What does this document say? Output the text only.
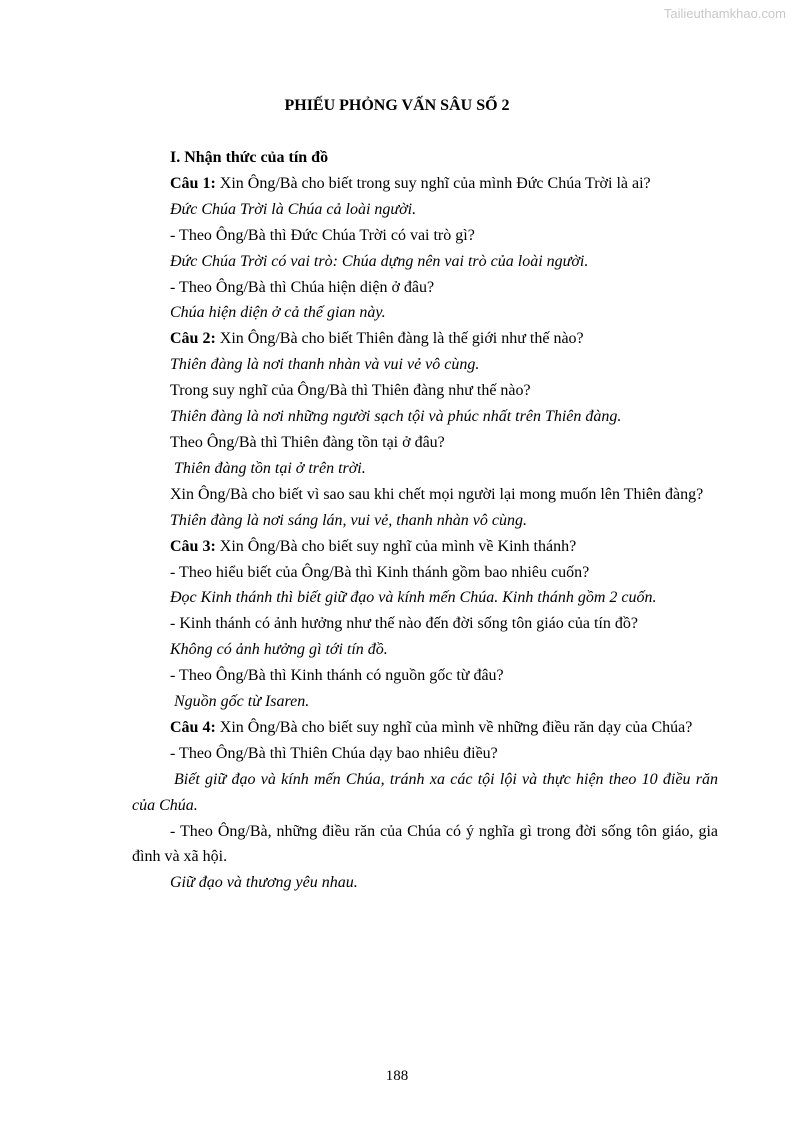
Tailieuthamkhao.com
PHIẾU PHỎNG VẤN SÂU SỐ 2

I. Nhận thức của tín đồ

Câu 1: Xin Ông/Bà cho biết trong suy nghĩ của mình Đức Chúa Trời là ai?

Đức Chúa Trời là Chúa cả loài người.

- Theo Ông/Bà thì Đức Chúa Trời có vai trò gì?

Đức Chúa Trời có vai trò: Chúa dựng nên vai trò của loài người.

- Theo Ông/Bà thì Chúa hiện diện ở đâu?

Chúa hiện diện ở cả thế gian này.

Câu 2: Xin Ông/Bà cho biết Thiên đàng là thế giới như thế nào?

Thiên đàng là nơi thanh nhàn và vui vẻ vô cùng.

Trong suy nghĩ của Ông/Bà thì Thiên đàng như thế nào?

Thiên đàng là nơi những người sạch tội và phúc nhất trên Thiên đàng.

Theo Ông/Bà thì Thiên đàng tồn tại ở đâu?

Thiên đàng tồn tại ở trên trời.

Xin Ông/Bà cho biết vì sao sau khi chết mọi người lại mong muốn lên Thiên đàng?

Thiên đàng là nơi sáng lán, vui vẻ, thanh nhàn vô cùng.

Câu 3: Xin Ông/Bà cho biết suy nghĩ của mình về Kinh thánh?

- Theo hiểu biết của Ông/Bà thì Kinh thánh gồm bao nhiêu cuốn?

Đọc Kinh thánh thì biết giữ đạo và kính mến Chúa. Kinh thánh gồm 2 cuốn.

- Kinh thánh có ảnh hưởng như thế nào đến đời sống tôn giáo của tín đồ?

Không có ảnh hưởng gì tới tín đồ.

- Theo Ông/Bà thì Kinh thánh có nguồn gốc từ đâu?

Nguồn gốc từ Isaren.

Câu 4: Xin Ông/Bà cho biết suy nghĩ của mình về những điều răn dạy của Chúa?

- Theo Ông/Bà thì Thiên Chúa dạy bao nhiêu điều?

Biết giữ đạo và kính mến Chúa, tránh xa các tội lội và thực hiện theo 10 điều răn của Chúa.

- Theo Ông/Bà, những điều răn của Chúa có ý nghĩa gì trong đời sống tôn giáo, gia đình và xã hội.

Giữ đạo và thương yêu nhau.

188
